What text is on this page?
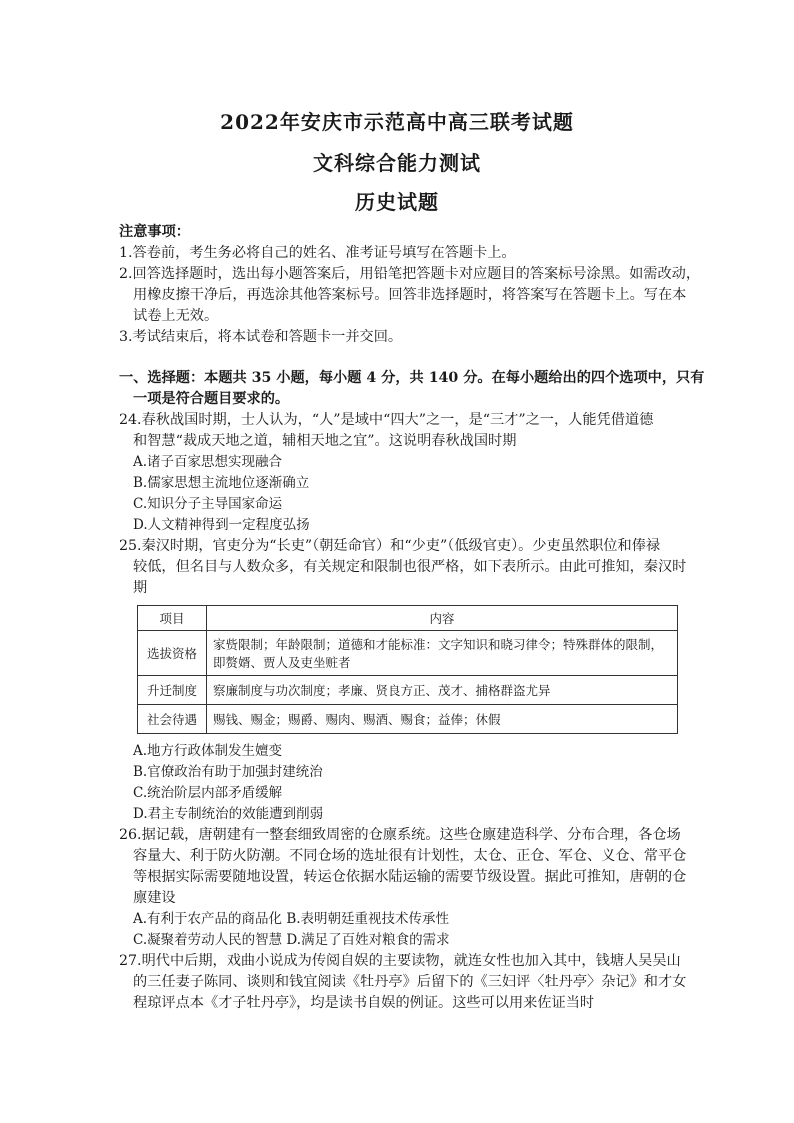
2022年安庆市示范高中高三联考试题
文科综合能力测试
历史试题
注意事项：
1.答卷前，考生务必将自己的姓名、准考证号填写在答题卡上。
2.回答选择题时，选出每小题答案后，用铅笔把答题卡对应题目的答案标号涂黑。如需改动，
用橡皮擦干净后，再选涂其他答案标号。回答非选择题时，将答案写在答题卡上。写在本
试卷上无效。
3.考试结束后，将本试卷和答题卡一并交回。
一、选择题：本题共 35 小题，每小题 4 分，共 140 分。在每小题给出的四个选项中，只有
一项是符合题目要求的。
24.春秋战国时期，士人认为，“人”是域中“四大”之一，是“三才”之一，人能凭借道德
和智慧“裁成天地之道，辅相天地之宜”。这说明春秋战国时期
A.诸子百家思想实现融合
B.儒家思想主流地位逐渐确立
C.知识分子主导国家命运
D.人文精神得到一定程度弘扬
25.秦汉时期，官吏分为“长吏”（朝廷命官）和“少吏”（低级官吏）。少吏虽然职位和俸禄
较低，但名目与人数众多，有关规定和限制也很严格，如下表所示。由此可推知，秦汉时
期
项目	内容
选拔资格	家赀限制；年龄限制；道德和才能标准：文字知识和晓习律令；特殊群体的限制，即赘婿、贾人及吏坐赃者
升迁制度	察廉制度与功次制度；孝廉、贤良方正、茂才、捕格群盗尤异
社会待遇	赐钱、赐金；赐爵、赐肉、赐酒、赐食；益俸；休假
A.地方行政体制发生嬗变
B.官僚政治有助于加强封建统治
C.统治阶层内部矛盾缓解
D.君主专制统治的效能遭到削弱
26.据记载，唐朝建有一整套细致周密的仓廪系统。这些仓廪建造科学、分布合理，各仓场
容量大、利于防火防潮。不同仓场的选址很有计划性，太仓、正仓、军仓、义仓、常平仓
等根据实际需要随地设置，转运仓依据水陆运输的需要节级设置。据此可推知，唐朝的仓
廪建设
A.有利于农产品的商品化 B.表明朝廷重视技术传承性
C.凝聚着劳动人民的智慧 D.满足了百姓对粮食的需求
27.明代中后期，戏曲小说成为传阅自娱的主要读物，就连女性也加入其中，钱塘人吴吴山
的三任妻子陈同、谈则和钱宜阅读《牡丹亭》后留下的《三妇评〈牡丹亭〉杂记》和才女
程琼评点本《才子牡丹亭》，均是读书自娱的例证。这些可以用来佐证当时
